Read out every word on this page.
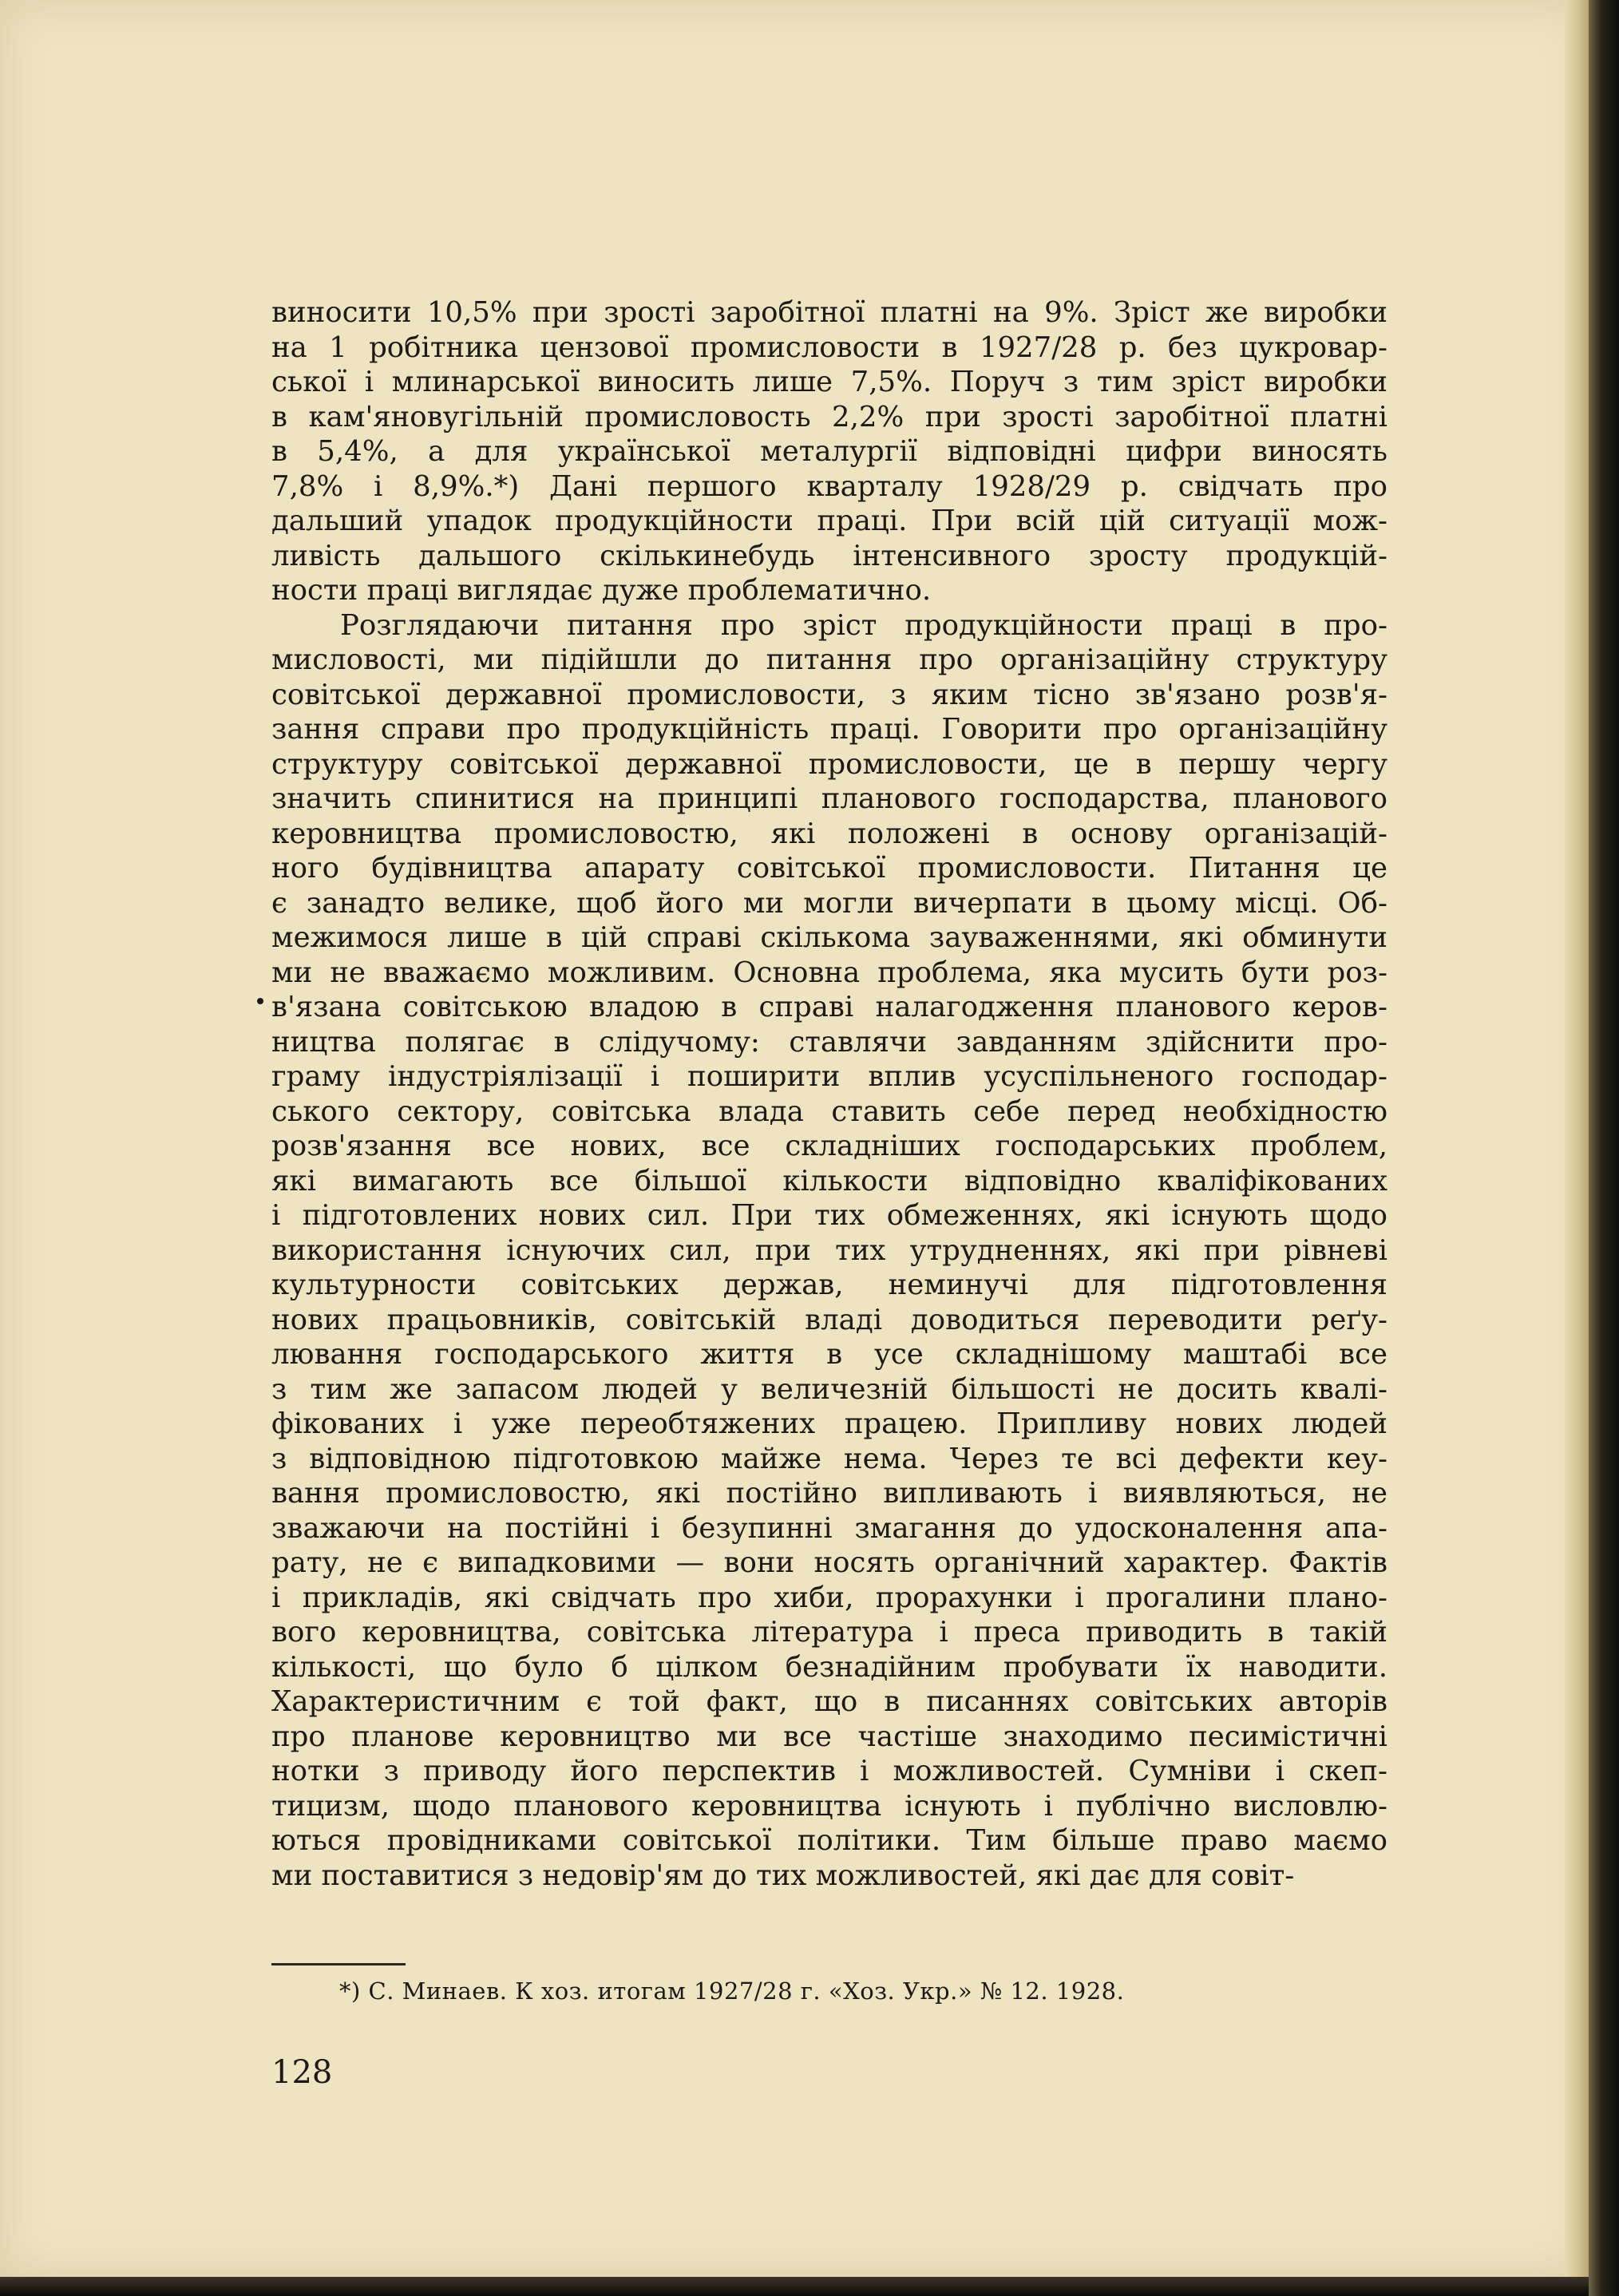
виносити 10,5% при зрості заробітної платні на 9%. Зріст же виробки
на 1 робітника цензової промисловости в 1927/28 р. без цукровар-
ської і млинарської виносить лише 7,5%. Поруч з тим зріст виробки
в кам'яновугільній промисловость 2,2% при зрості заробітної платні
в 5,4%, а для української металургії відповідні цифри виносять
7,8% і 8,9%.*) Дані першого кварталу 1928/29 р. свідчать про
дальший упадок продукційности праці. При всій цій ситуації мож-
ливість дальшого скількинебудь інтенсивного зросту продукцій-
ности праці виглядає дуже проблематично.

Розглядаючи питання про зріст продукційности праці в про-
мисловості, ми підійшли до питання про організаційну структуру
совітської державної промисловости, з яким тісно зв'язано розв'я-
зання справи про продукційність праці. Говорити про організаційну
структуру совітської державної промисловости, це в першу чергу
значить спинитися на принципі планового господарства, планового
керовництва промисловостю, які положені в основу організацій-
ного будівництва апарату совітської промисловости. Питання це
є занадто велике, щоб його ми могли вичерпати в цьому місці. Об-
межимося лише в цій справі скількома зауваженнями, які обминути
ми не вважаємо можливим. Основна проблема, яка мусить бути роз-
в'язана совітською владою в справі налагодження планового керов-
ництва полягає в слідучому: ставлячи завданням здійснити про-
граму індустріялізації і поширити вплив усуспільненого господар-
ського сектору, совітська влада ставить себе перед необхідностю
розв'язання все нових, все складніших господарських проблем,
які вимагають все більшої кількости відповідно кваліфікованих
і підготовлених нових сил. При тих обмеженнях, які існують щодо
використання існуючих сил, при тих утрудненнях, які при рівневі
культурности совітських держав, неминучі для підготовлення
нових працьовників, совітській владі доводиться переводити реґу-
лювання господарського життя в усе складнішому маштабі все
з тим же запасом людей у величезній більшості не досить квалі-
фікованих і уже переобтяжених працею. Припливу нових людей
з відповідною підготовкою майже нема. Через те всі дефекти кеу-
вання промисловостю, які постійно випливають і виявляються, не
зважаючи на постійні і безупинні змагання до удосконалення апа-
рату, не є випадковими — вони носять органічний характер. Фактів
і прикладів, які свідчать про хиби, прорахунки і прогалини плано-
вого керовництва, совітська література і преса приводить в такій
кількості, що було б цілком безнадійним пробувати їх наводити.
Характеристичним є той факт, що в писаннях совітських авторів
про планове керовництво ми все частіше знаходимо песимістичні
нотки з приводу його перспектив і можливостей. Сумніви і скеп-
тицизм, щодо планового керовництва існують і публічно висловлю-
ються провідниками совітської політики. Тим більше право маємо
ми поставитися з недовір'ям до тих можливостей, які дає для совіт-

*) С. Минаев. К хоз. итогам 1927/28 г. «Хоз. Укр.» № 12. 1928.
128
